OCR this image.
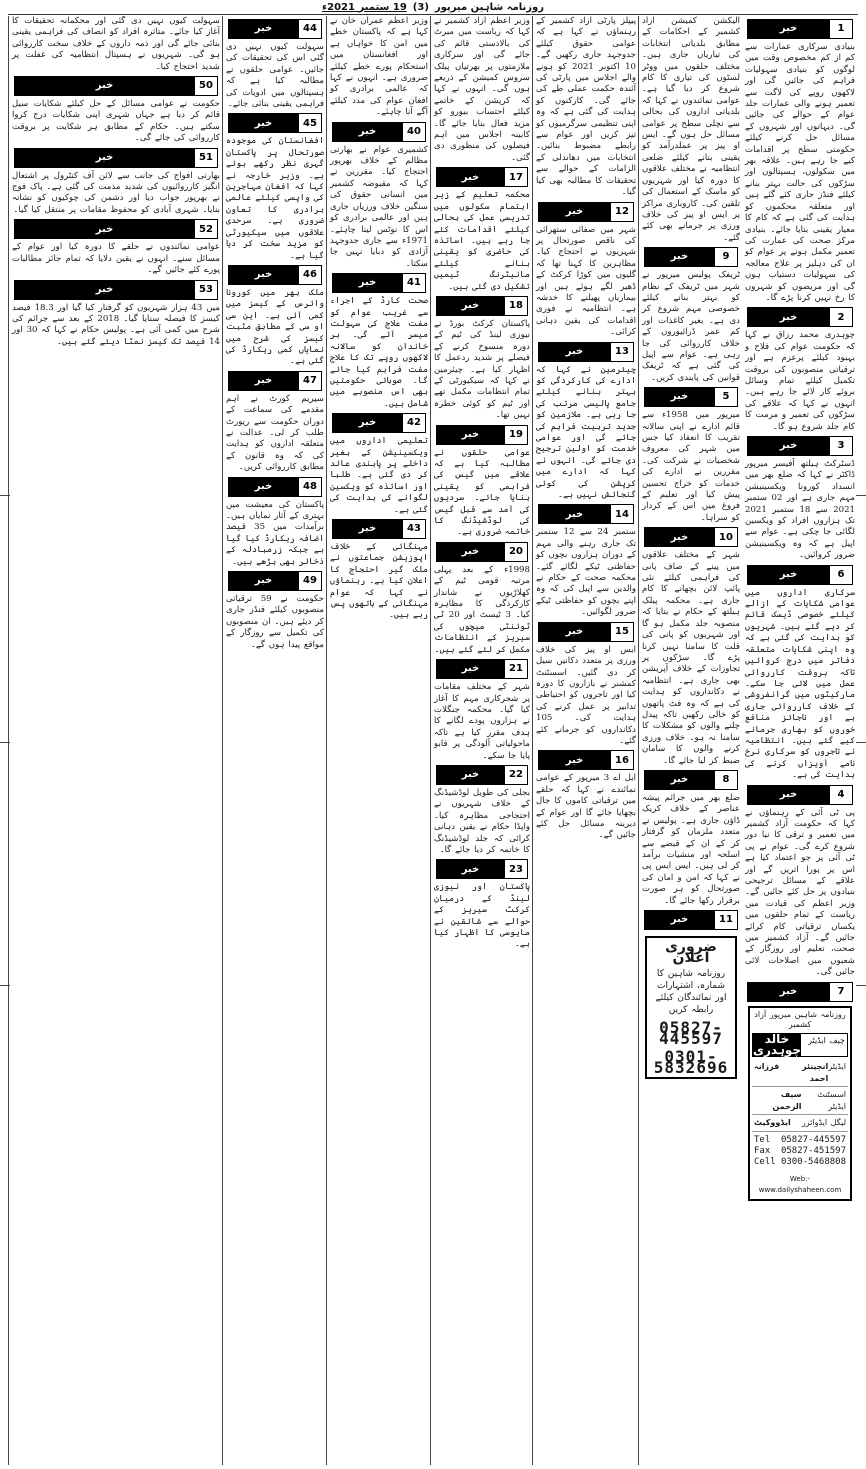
روزنامہ شاہین میرپور
(3)
19 ستمبر 2021ء
1
خبر

بنیادی سرکاری عمارات سے کم از کم مخصوص وقت میں لوگوں کو بنیادی سہولیات فراہم کی جائیں گی اور لاکھوں روپے کی لاگت سے تعمیر ہونے والی عمارات جلد عوام کے حوالے کی جائیں گی۔ دیہاتوں اور شہروں کے مسائل حل کرنے کیلئے حکومتی سطح پر اقدامات کیے جا رہے ہیں۔ علاقہ بھر میں سکولوں، ہسپتالوں اور سڑکوں کی حالت بہتر بنانے کیلئے فنڈز جاری کئے گئے ہیں اور متعلقہ محکموں کو ہدایت کی گئی ہے کہ کام کا معیار یقینی بنایا جائے۔ بنیادی مرکز صحت کی عمارت کی تعمیر مکمل ہونے پر عوام کو ان کی دہلیز پر علاج معالجہ کی سہولیات دستیاب ہوں گی اور مریضوں کو شہروں کا رخ نہیں کرنا پڑے گا۔

2
خبر

چوہدری محمد رزاق نے کہا کہ حکومت عوام کی فلاح و بہبود کیلئے پرعزم ہے اور ترقیاتی منصوبوں کی بروقت تکمیل کیلئے تمام وسائل بروئے کار لائے جا رہے ہیں۔ انہوں نے کہا کہ علاقے کی سڑکوں کی تعمیر و مرمت کا کام جلد شروع ہو گا۔

3
خبر

ڈسٹرکٹ ہیلتھ آفیسر میرپور ڈاکٹر نے کہا کہ ضلع بھر میں انسداد کورونا ویکسینیشن مہم جاری ہے اور 02 ستمبر 2021 سے 18 ستمبر 2021 تک ہزاروں افراد کو ویکسین لگائی جا چکی ہے۔ عوام سے اپیل ہے کہ وہ ویکسینیشن ضرور کروائیں۔

6
خبر

سرکاری اداروں میں عوامی شکایات کے ازالے کیلئے خصوصی ڈیسک قائم کر دیے گئے ہیں۔ شہریوں کو ہدایت کی گئی ہے کہ وہ اپنی شکایات متعلقہ دفاتر میں درج کروائیں تاکہ بروقت کارروائی عمل میں لائی جا سکے۔ مارکیٹوں میں گرانفروشی کے خلاف کارروائی جاری ہے اور ناجائز منافع خوروں کو بھاری جرمانے کیے گئے ہیں۔ انتظامیہ نے تاجروں کو سرکاری نرخ نامے آویزاں کرنے کی ہدایت کی ہے۔

4
خبر

پی ٹی آئی کے رہنماؤں نے کہا کہ حکومت آزاد کشمیر میں تعمیر و ترقی کا نیا دور شروع کرے گی۔ عوام نے پی ٹی آئی پر جو اعتماد کیا ہے اس پر پورا اتریں گے اور علاقے کے مسائل ترجیحی بنیادوں پر حل کئے جائیں گے۔ وزیر اعظم کی قیادت میں ریاست کے تمام حلقوں میں یکساں ترقیاتی کام کرائے جائیں گے۔ آزاد کشمیر میں صحت، تعلیم اور روزگار کے شعبوں میں اصلاحات لائی جائیں گی۔

7
خبر
روزنامہ شاہین میرپور آزاد کشمیر
چیف ایڈیٹر
خالد چوہدری
ایڈیٹر
انجینئر فرزانہ احمد
اسسٹنٹ ایڈیٹر
سیف الرحمن
لیگل ایڈوائزر
ایڈووکیٹ
Tel 05827-445597
Fax 05827-451597
Cell 0300-5468808
Web:-www.dailyshaheen.com

الیکشن کمیشن آزاد کشمیر کے احکامات کے مطابق بلدیاتی انتخابات کی تیاریاں جاری ہیں۔ مختلف حلقوں میں ووٹر لسٹوں کی تیاری کا کام شروع کر دیا گیا ہے۔ عوامی نمائندوں نے کہا کہ بلدیاتی اداروں کی بحالی سے نچلی سطح پر عوامی مسائل حل ہوں گے۔ ایس او پیز پر عملدرآمد کو یقینی بنانے کیلئے ضلعی انتظامیہ نے مختلف علاقوں کا دورہ کیا اور شہریوں کو ماسک کے استعمال کی تلقین کی۔ کاروباری مراکز پر ایس او پیز کی خلاف ورزی پر جرمانے بھی کئے گئے۔

9
خبر

ٹریفک پولیس میرپور نے شہر میں ٹریفک کے نظام کو بہتر بنانے کیلئے خصوصی مہم شروع کر دی ہے۔ بغیر کاغذات اور کم عمر ڈرائیوروں کے خلاف کارروائی کی جا رہی ہے۔ عوام سے اپیل کی گئی ہے کہ ٹریفک قوانین کی پابندی کریں۔

5
خبر

میرپور میں 1958ء سے قائم ادارے نے اپنی سالانہ تقریب کا انعقاد کیا جس میں شہر کی معروف شخصیات نے شرکت کی۔ مقررین نے ادارے کی خدمات کو خراج تحسین پیش کیا اور تعلیم کے فروغ میں اس کے کردار کو سراہا۔

10
خبر

شہر کے مختلف علاقوں میں پینے کے صاف پانی کی فراہمی کیلئے نئی پائپ لائن بچھانے کا کام جاری ہے۔ محکمہ پبلک ہیلتھ کے حکام نے بتایا کہ منصوبہ جلد مکمل ہو گا اور شہریوں کو پانی کی قلت کا سامنا نہیں کرنا پڑے گا۔ سڑکوں پر تجاوزات کے خلاف آپریشن بھی جاری ہے۔ انتظامیہ نے دکانداروں کو ہدایت کی ہے کہ وہ فٹ پاتھوں کو خالی رکھیں تاکہ پیدل چلنے والوں کو مشکلات کا سامنا نہ ہو۔ خلاف ورزی کرنے والوں کا سامان ضبط کر لیا جائے گا۔

8
خبر

ضلع بھر میں جرائم پیشہ عناصر کے خلاف کریک ڈاؤن جاری ہے۔ پولیس نے متعدد ملزمان کو گرفتار کر کے ان کے قبضے سے اسلحہ اور منشیات برآمد کر لی ہیں۔ ایس ایس پی نے کہا کہ امن و امان کی صورتحال کو ہر صورت برقرار رکھا جائے گا۔

11
خبر
ضروری اعلان
روزنامہ شاہین کا شمارہ، اشتہارات اور نمائندگان کیلئے رابطہ کریں
05827-445597
0301-5832696

پیپلز پارٹی آزاد کشمیر کے رہنماؤں نے کہا ہے کہ عوامی حقوق کیلئے جدوجہد جاری رکھیں گے۔ 10 اکتوبر 2021 کو ہونے والے اجلاس میں پارٹی کی آئندہ حکمت عملی طے کی جائے گی۔ کارکنوں کو ہدایت کی گئی ہے کہ وہ اپنی تنظیمی سرگرمیوں کو تیز کریں اور عوام سے رابطے مضبوط بنائیں۔ انتخابات میں دھاندلی کے الزامات کے حوالے سے تحقیقات کا مطالبہ بھی کیا گیا۔

12
خبر

شہر میں صفائی ستھرائی کی ناقص صورتحال پر شہریوں نے احتجاج کیا۔ مظاہرین کا کہنا تھا کہ گلیوں میں کوڑا کرکٹ کے ڈھیر لگے ہوئے ہیں اور بیماریاں پھیلنے کا خدشہ ہے۔ انتظامیہ نے فوری اقدامات کی یقین دہانی کرائی۔

13
خبر

چیئرمین نے کہا کہ ادارے کی کارکردگی کو بہتر بنانے کیلئے جامع پالیسی مرتب کی جا رہی ہے۔ ملازمین کو جدید تربیت فراہم کی جائے گی اور عوامی خدمت کو اولین ترجیح دی جائے گی۔ انہوں نے کہا کہ ادارے میں کرپشن کی کوئی گنجائش نہیں ہے۔

14
خبر

ستمبر 24 سے 12 ستمبر تک جاری رہنے والی مہم کے دوران ہزاروں بچوں کو حفاظتی ٹیکے لگائے گئے۔ محکمہ صحت کے حکام نے والدین سے اپیل کی کہ وہ اپنے بچوں کو حفاظتی ٹیکے ضرور لگوائیں۔

15
خبر

ایس او پیز کی خلاف ورزی پر متعدد دکانیں سیل کر دی گئیں۔ اسسٹنٹ کمشنر نے بازاروں کا دورہ کیا اور تاجروں کو احتیاطی تدابیر پر عمل کرنے کی ہدایت کی۔ 105 دکانداروں کو جرمانے کئے گئے۔

16
خبر

ایل اے 3 میرپور کے عوامی نمائندے نے کہا کہ حلقے میں ترقیاتی کاموں کا جال بچھایا جائے گا اور عوام کے دیرینہ مسائل حل کئے جائیں گے۔

وزیر اعظم آزاد کشمیر نے کہا کہ ریاست میں میرٹ کی بالادستی قائم کی جائے گی اور سرکاری ملازمتوں پر بھرتیاں پبلک سروس کمیشن کے ذریعے ہوں گی۔ انہوں نے کہا کہ کرپشن کے خاتمے کیلئے احتساب بیورو کو مزید فعال بنایا جائے گا۔ کابینہ اجلاس میں اہم فیصلوں کی منظوری دی گئی۔

17
خبر

محکمہ تعلیم کے زیر اہتمام سکولوں میں تدریسی عمل کی بحالی کیلئے اقدامات کئے جا رہے ہیں۔ اساتذہ کی حاضری کو یقینی بنانے کیلئے مانیٹرنگ ٹیمیں تشکیل دی گئی ہیں۔

18
خبر

پاکستان کرکٹ بورڈ نے نیوزی لینڈ کی ٹیم کے دورہ منسوخ کرنے کے فیصلے پر شدید ردعمل کا اظہار کیا ہے۔ چیئرمین نے کہا کہ سیکیورٹی کے تمام انتظامات مکمل تھے اور ٹیم کو کوئی خطرہ نہیں تھا۔

19
خبر

عوامی حلقوں نے مطالبہ کیا ہے کہ علاقے میں گیس کی فراہمی کو یقینی بنایا جائے۔ سردیوں کی آمد سے قبل گیس کی لوڈشیڈنگ کا خاتمہ ضروری ہے۔

20
خبر

1998ء کے بعد پہلی مرتبہ قومی ٹیم کے کھلاڑیوں نے شاندار کارکردگی کا مظاہرہ کیا۔ 3 ٹیسٹ اور 20 ٹی ٹوئنٹی میچوں کی سیریز کے انتظامات مکمل کر لئے گئے ہیں۔

21
خبر

شہر کے مختلف مقامات پر شجرکاری مہم کا آغاز کیا گیا۔ محکمہ جنگلات نے ہزاروں پودے لگانے کا ہدف مقرر کیا ہے تاکہ ماحولیاتی آلودگی پر قابو پایا جا سکے۔

22
خبر

بجلی کی طویل لوڈشیڈنگ کے خلاف شہریوں نے احتجاجی مظاہرہ کیا۔ واپڈا حکام نے یقین دہانی کرائی کہ جلد لوڈشیڈنگ کا خاتمہ کر دیا جائے گا۔

23
خبر

پاکستان اور نیوزی لینڈ کے درمیان کرکٹ سیریز کے حوالے سے شائقین نے مایوسی کا اظہار کیا ہے۔

وزیر اعظم عمران خان نے کہا ہے کہ پاکستان خطے میں امن کا خواہاں ہے اور افغانستان میں استحکام پورے خطے کیلئے ضروری ہے۔ انہوں نے کہا کہ عالمی برادری کو افغان عوام کی مدد کیلئے آگے آنا چاہئے۔

40
خبر

کشمیری عوام نے بھارتی مظالم کے خلاف بھرپور احتجاج کیا۔ مقررین نے کہا کہ مقبوضہ کشمیر میں انسانی حقوق کی سنگین خلاف ورزیاں جاری ہیں اور عالمی برادری کو اس کا نوٹس لینا چاہئے۔ 1971ء سے جاری جدوجہد آزادی کو دبایا نہیں جا سکتا۔

41
خبر

صحت کارڈ کے اجراء سے غریب عوام کو مفت علاج کی سہولت میسر آئے گی۔ ہر خاندان کو سالانہ لاکھوں روپے تک کا علاج مفت فراہم کیا جائے گا۔ صوبائی حکومتیں بھی اس منصوبے میں شامل ہیں۔

42
خبر

تعلیمی اداروں میں ویکسینیشن کے بغیر داخلے پر پابندی عائد کر دی گئی ہے۔ طلبا اور اساتذہ کو ویکسین لگوانے کی ہدایت کی گئی ہے۔

43
خبر

مہنگائی کے خلاف اپوزیشن جماعتوں نے ملک گیر احتجاج کا اعلان کیا ہے۔ رہنماؤں نے کہا کہ عوام مہنگائی کے ہاتھوں پس رہے ہیں۔

44
خبر

سہولت کیوں نہیں دی گئی اس کی تحقیقات کی جائیں۔ عوامی حلقوں نے مطالبہ کیا ہے کہ ہسپتالوں میں ادویات کی فراہمی یقینی بنائی جائے۔

45
خبر

افغانستان کی موجودہ صورتحال پر پاکستان گہری نظر رکھے ہوئے ہے۔ وزیر خارجہ نے کہا کہ افغان مہاجرین کی واپسی کیلئے عالمی برادری کا تعاون ضروری ہے۔ سرحدی علاقوں میں سیکیورٹی کو مزید سخت کر دیا گیا ہے۔

46
خبر

ملک بھر میں کورونا وائرس کے کیسز میں کمی آئی ہے۔ این سی او سی کے مطابق مثبت کیسز کی شرح میں نمایاں کمی ریکارڈ کی گئی ہے۔

47
خبر

سپریم کورٹ نے اہم مقدمے کی سماعت کے دوران حکومت سے رپورٹ طلب کر لی۔ عدالت نے متعلقہ اداروں کو ہدایت کی کہ وہ قانون کے مطابق کارروائی کریں۔

48
خبر

پاکستان کی معیشت میں بہتری کے آثار نمایاں ہیں۔ برآمدات میں 35 فیصد اضافہ ریکارڈ کیا گیا ہے جبکہ زرمبادلہ کے ذخائر بھی بڑھے ہیں۔

49
خبر

حکومت نے 59 ترقیاتی منصوبوں کیلئے فنڈز جاری کر دیئے ہیں۔ ان منصوبوں کی تکمیل سے روزگار کے مواقع پیدا ہوں گے۔

سہولت کیوں نہیں دی گئی اور محکمانہ تحقیقات کا آغاز کیا جائے۔ متاثرہ افراد کو انصاف کی فراہمی یقینی بنائی جائے گی اور ذمہ داروں کے خلاف سخت کارروائی ہو گی۔ شہریوں نے ہسپتال انتظامیہ کی غفلت پر شدید احتجاج کیا۔

50
خبر

حکومت نے عوامی مسائل کے حل کیلئے شکایات سیل قائم کر دیا ہے جہاں شہری اپنی شکایات درج کروا سکتے ہیں۔ حکام کے مطابق ہر شکایت پر بروقت کارروائی کی جائے گی۔

51
خبر

بھارتی افواج کی جانب سے لائن آف کنٹرول پر اشتعال انگیز کارروائیوں کی شدید مذمت کی گئی ہے۔ پاک فوج نے بھرپور جواب دیا اور دشمن کی چوکیوں کو نشانہ بنایا۔ شہری آبادی کو محفوظ مقامات پر منتقل کیا گیا۔

52
خبر

عوامی نمائندوں نے حلقے کا دورہ کیا اور عوام کے مسائل سنے۔ انہوں نے یقین دلایا کہ تمام جائز مطالبات پورے کئے جائیں گے۔

53
خبر

میں 43 ہزار شہریوں کو گرفتار کیا گیا اور 18.3 فیصد کیسز کا فیصلہ سنایا گیا۔ 2018 کے بعد سے جرائم کی شرح میں کمی آئی ہے۔ پولیس حکام نے کہا کہ 30 اور 14 فیصد تک کیسز نمٹا دیئے گئے ہیں۔
